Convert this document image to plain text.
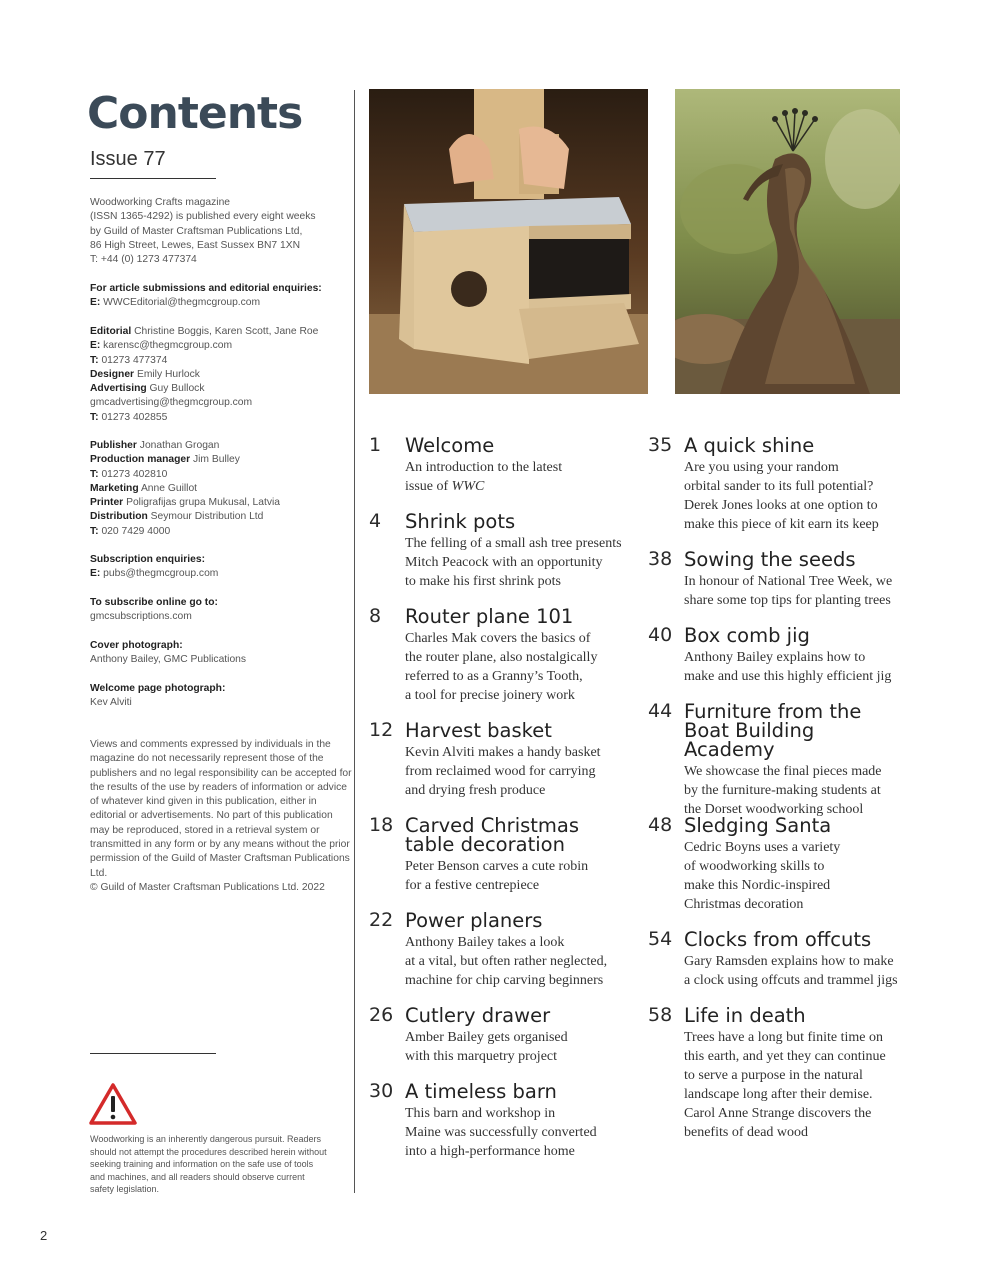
Contents
Issue 77
Woodworking Crafts magazine
(ISSN 1365-4292) is published every eight weeks
by Guild of Master Craftsman Publications Ltd,
86 High Street, Lewes, East Sussex BN7 1XN
T: +44 (0) 1273 477374
For article submissions and editorial enquiries:
E: WWCEditorial@thegmcgroup.com
Editorial Christine Boggis, Karen Scott, Jane Roe
E: karensc@thegmcgroup.com
T: 01273 477374
Designer Emily Hurlock
Advertising Guy Bullock
gmcadvertising@thegmcgroup.com
T: 01273 402855
Publisher Jonathan Grogan
Production manager Jim Bulley
T: 01273 402810
Marketing Anne Guillot
Printer Poligrafijas grupa Mukusal, Latvia
Distribution Seymour Distribution Ltd
T: 020 7429 4000
Subscription enquiries:
E: pubs@thegmcgroup.com
To subscribe online go to:
gmcsubscriptions.com
Cover photograph:
Anthony Bailey, GMC Publications
Welcome page photograph:
Kev Alviti
Views and comments expressed by individuals in the magazine do not necessarily represent those of the publishers and no legal responsibility can be accepted for the results of the use by readers of information or advice of whatever kind given in this publication, either in editorial or advertisements. No part of this publication may be reproduced, stored in a retrieval system or transmitted in any form or by any means without the prior permission of the Guild of Master Craftsman Publications Ltd.
© Guild of Master Craftsman Publications Ltd. 2022
Woodworking is an inherently dangerous pursuit. Readers should not attempt the procedures described herein without seeking training and information on the safe use of tools and machines, and all readers should observe current safety legislation.
2
1 Welcome
An introduction to the latest
issue of WWC
4 Shrink pots
The felling of a small ash tree presents
Mitch Peacock with an opportunity
to make his first shrink pots
8 Router plane 101
Charles Mak covers the basics of
the router plane, also nostalgically
referred to as a Granny’s Tooth,
a tool for precise joinery work
12 Harvest basket
Kevin Alviti makes a handy basket
from reclaimed wood for carrying
and drying fresh produce
18 Carved Christmas
table decoration
Peter Benson carves a cute robin
for a festive centrepiece
22 Power planers
Anthony Bailey takes a look
at a vital, but often rather neglected,
machine for chip carving beginners
26 Cutlery drawer
Amber Bailey gets organised
with this marquetry project
30 A timeless barn
This barn and workshop in
Maine was successfully converted
into a high-performance home
35 A quick shine
Are you using your random
orbital sander to its full potential?
Derek Jones looks at one option to
make this piece of kit earn its keep
38 Sowing the seeds
In honour of National Tree Week, we
share some top tips for planting trees
40 Box comb jig
Anthony Bailey explains how to
make and use this highly efficient jig
44 Furniture from the
Boat Building Academy
We showcase the final pieces made
by the furniture-making students at
the Dorset woodworking school
48 Sledging Santa
Cedric Boyns uses a variety
of woodworking skills to
make this Nordic-inspired
Christmas decoration
54 Clocks from offcuts
Gary Ramsden explains how to make
a clock using offcuts and trammel jigs
58 Life in death
Trees have a long but finite time on
this earth, and yet they can continue
to serve a purpose in the natural
landscape long after their demise.
Carol Anne Strange discovers the
benefits of dead wood
